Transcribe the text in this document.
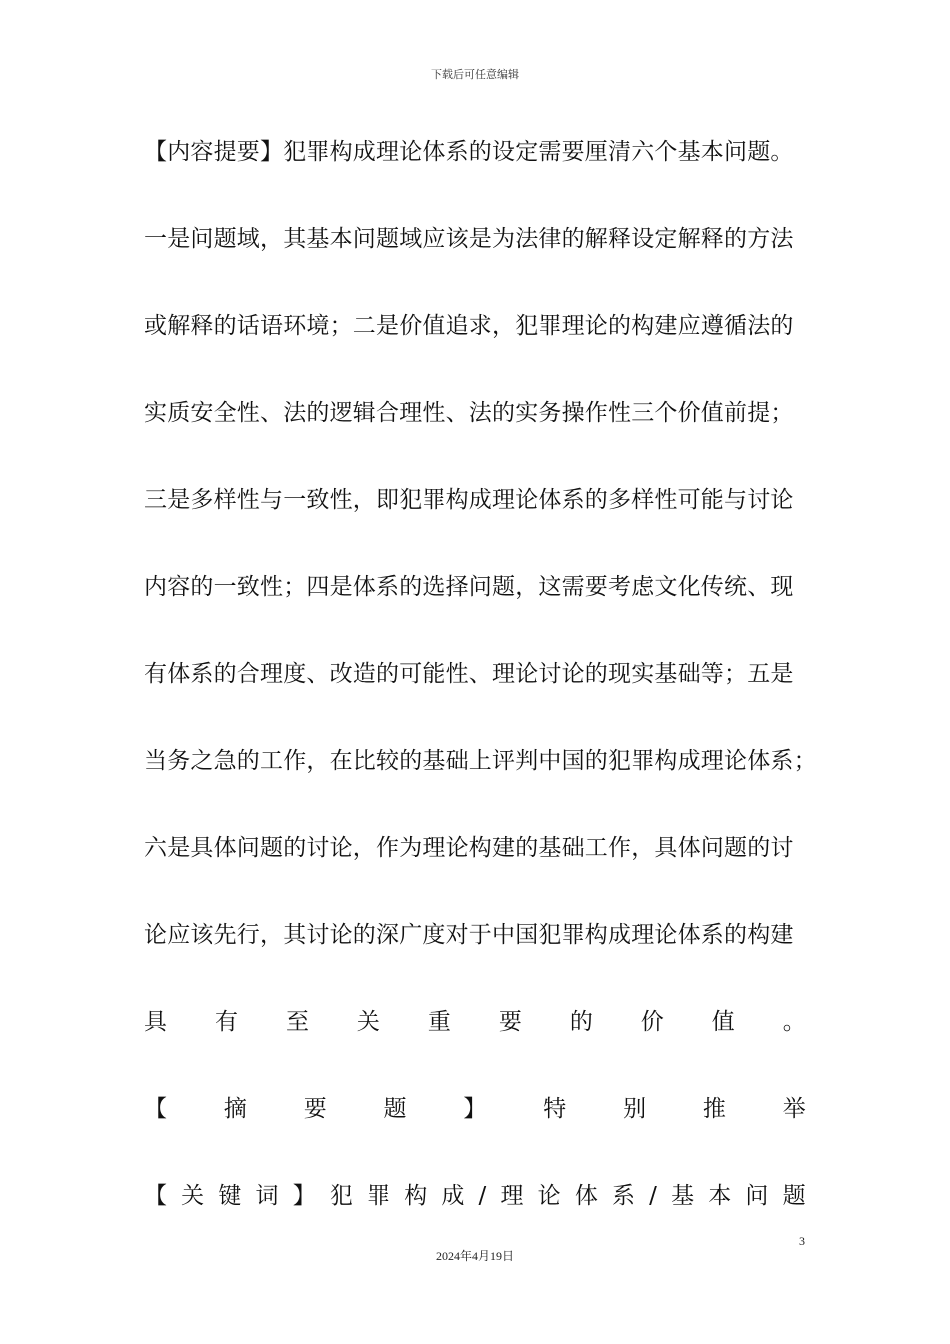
下载后可任意编辑
【内容提要】犯罪构成理论体系的设定需要厘清六个基本问题。
一是问题域，其基本问题域应该是为法律的解释设定解释的方法
或解释的话语环境；二是价值追求，犯罪理论的构建应遵循法的
实质安全性、法的逻辑合理性、法的实务操作性三个价值前提；
三是多样性与一致性，即犯罪构成理论体系的多样性可能与讨论
内容的一致性；四是体系的选择问题，这需要考虑文化传统、现
有体系的合理度、改造的可能性、理论讨论的现实基础等；五是
当务之急的工作，在比较的基础上评判中国的犯罪构成理论体系；
六是具体问题的讨论，作为理论构建的基础工作，具体问题的讨
论应该先行，其讨论的深广度对于中国犯罪构成理论体系的构建
具 有 至 关 重 要 的 价 值 。
【 摘 要 题 】 特 别 推 举
【 关 键 词 】 犯 罪 构 成 / 理 论 体 系 / 基 本 问 题
3
2024年4月19日
